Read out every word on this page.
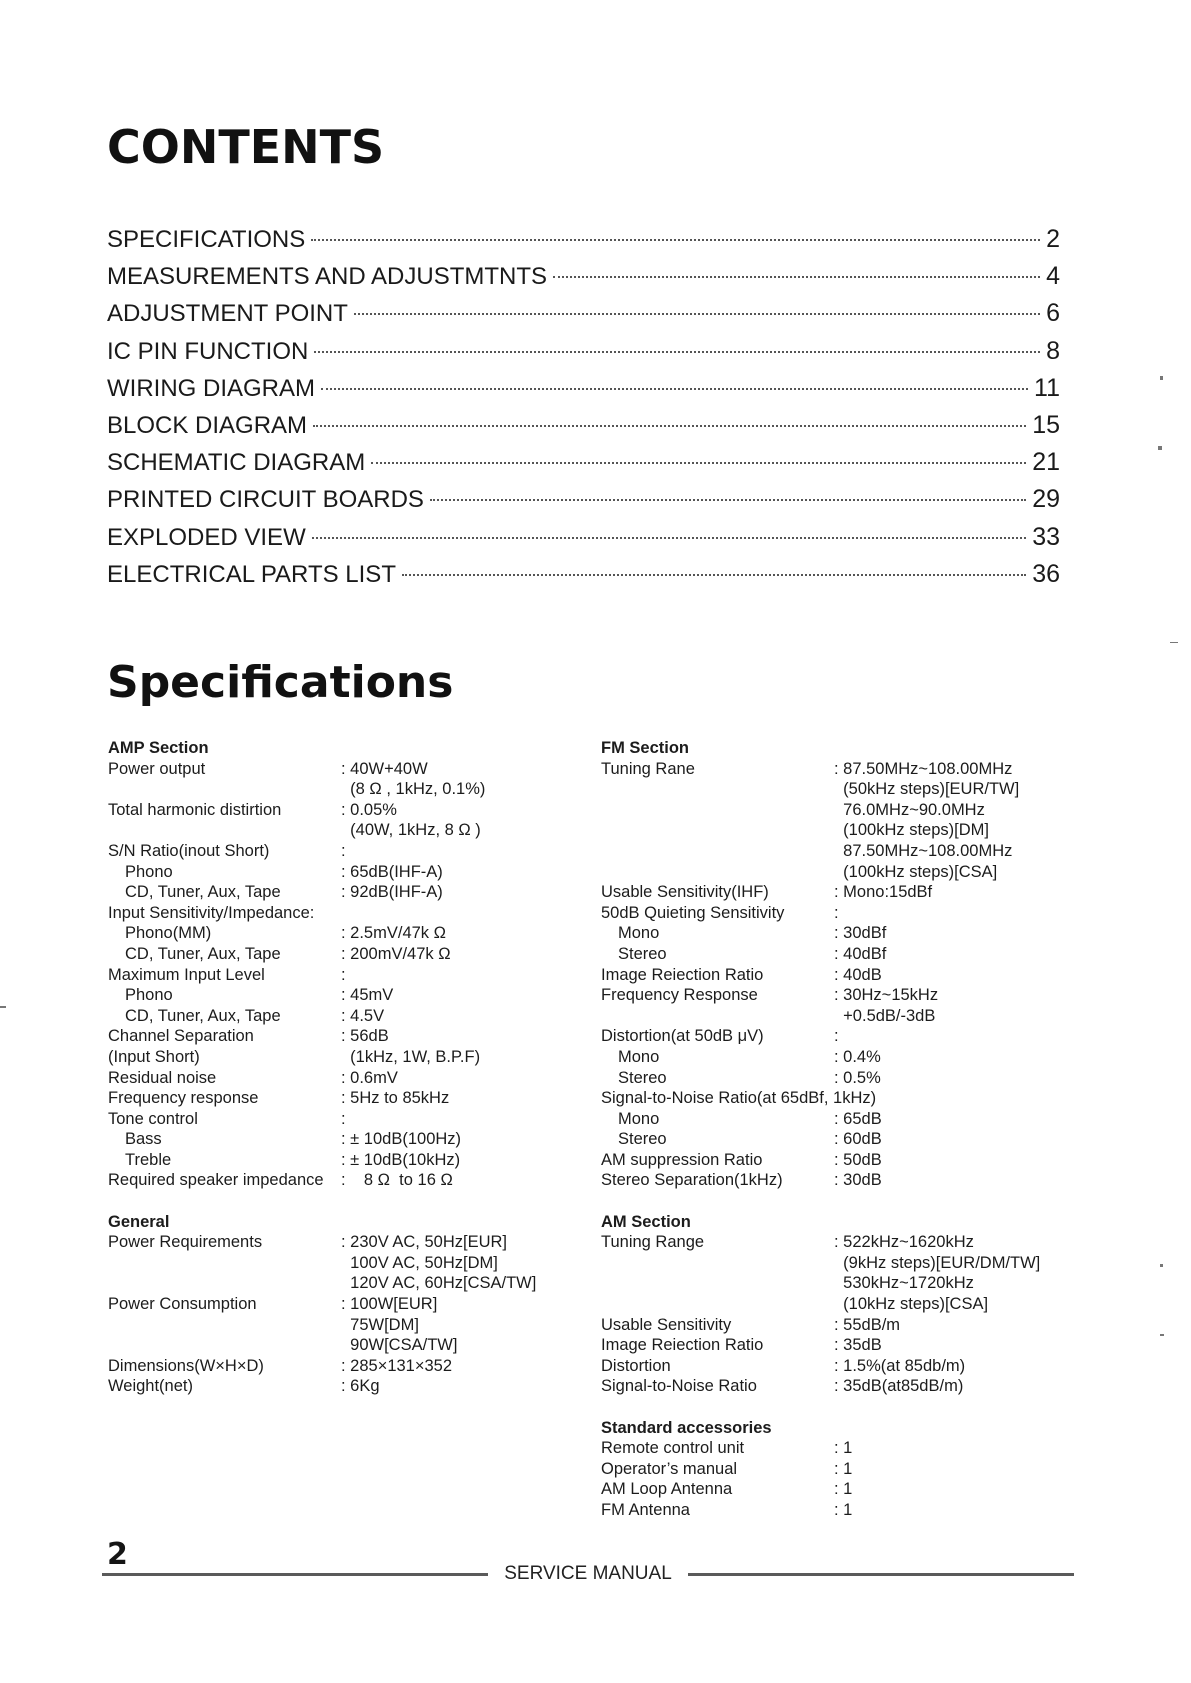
CONTENTS
SPECIFICATIONS	2
MEASUREMENTS AND ADJUSTMTNTS	4
ADJUSTMENT POINT	6
IC PIN FUNCTION	8
WIRING DIAGRAM	11
BLOCK DIAGRAM	15
SCHEMATIC DIAGRAM	21
PRINTED CIRCUIT BOARDS	29
EXPLODED VIEW	33
ELECTRICAL PARTS LIST	36
Specifications
AMP Section
Power output	: 40W+40W
(8 Ω , 1kHz, 0.1%)
Total harmonic distirtion	: 0.05%
(40W, 1kHz, 8 Ω )
S/N Ratio(inout Short)	:
Phono	: 65dB(IHF-A)
CD, Tuner, Aux, Tape	: 92dB(IHF-A)
Input Sensitivity/Impedance:
Phono(MM)	: 2.5mV/47k Ω
CD, Tuner, Aux, Tape	: 200mV/47k Ω
Maximum Input Level	:
Phono	: 45mV
CD, Tuner, Aux, Tape	: 4.5V
Channel Separation	: 56dB
(Input Short)	(1kHz, 1W, B.P.F)
Residual noise	: 0.6mV
Frequency response	: 5Hz to 85kHz
Tone control	:
Bass	: ± 10dB(100Hz)
Treble	: ± 10dB(10kHz)
Required speaker impedance :    8 Ω  to 16 Ω
General
Power Requirements	: 230V AC, 50Hz[EUR]
100V AC, 50Hz[DM]
120V AC, 60Hz[CSA/TW]
Power Consumption	: 100W[EUR]
75W[DM]
90W[CSA/TW]
Dimensions(W×H×D)	: 285×131×352
Weight(net)	: 6Kg
FM Section
Tuning Rane	: 87.50MHz~108.00MHz
(50kHz steps)[EUR/TW]
76.0MHz~90.0MHz
(100kHz steps)[DM]
87.50MHz~108.00MHz
(100kHz steps)[CSA]
Usable Sensitivity(IHF)	: Mono:15dBf
50dB Quieting Sensitivity	:
Mono	: 30dBf
Stereo	: 40dBf
Image Reiection Ratio	: 40dB
Frequency Response	: 30Hz~15kHz
+0.5dB/-3dB
Distortion(at 50dB μV)	:
Mono	: 0.4%
Stereo	: 0.5%
Signal-to-Noise Ratio(at 65dBf, 1kHz)
Mono	: 65dB
Stereo	: 60dB
AM suppression Ratio	: 50dB
Stereo Separation(1kHz)	: 30dB
AM Section
Tuning Range	: 522kHz~1620kHz
(9kHz steps)[EUR/DM/TW]
530kHz~1720kHz
(10kHz steps)[CSA]
Usable Sensitivity	: 55dB/m
Image Reiection Ratio	: 35dB
Distortion	: 1.5%(at 85db/m)
Signal-to-Noise Ratio	: 35dB(at85dB/m)
Standard accessories
Remote control unit	: 1
Operator’s manual	: 1
AM Loop Antenna	: 1
FM Antenna	: 1
2
SERVICE MANUAL
